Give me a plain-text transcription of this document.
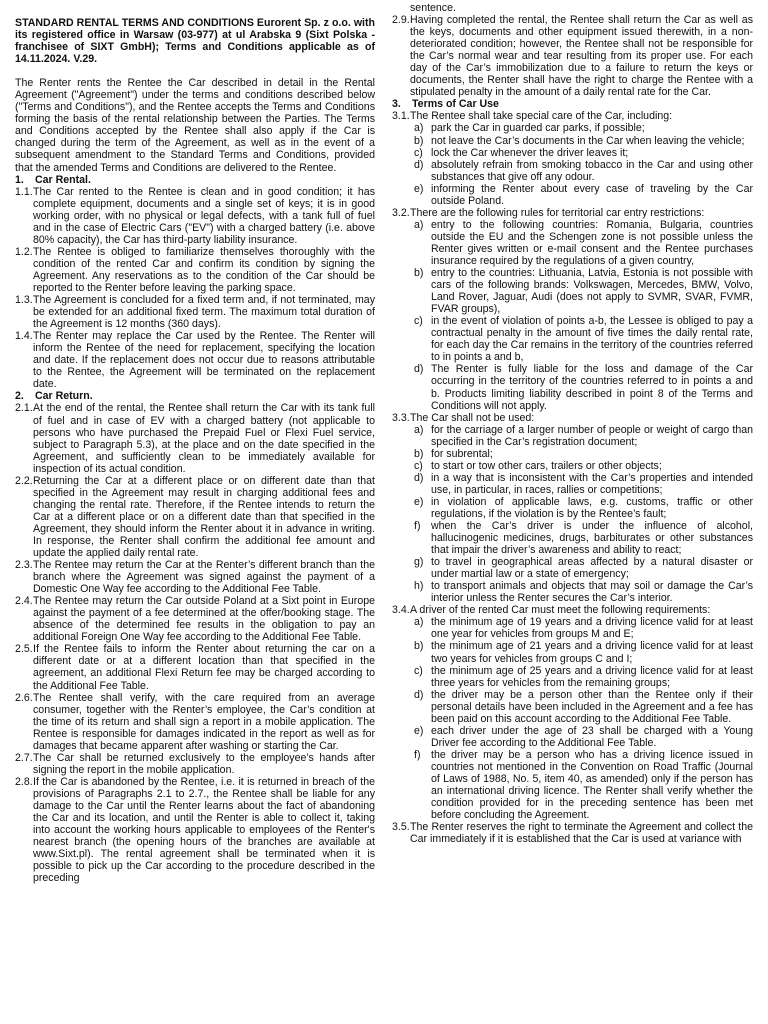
STANDARD RENTAL TERMS AND CONDITIONS Eurorent Sp. z o.o. with its registered office in Warsaw (03-977) at ul Arabska 9 (Sixt Polska - franchisee of SIXT GmbH); Terms and Conditions applicable as of 14.11.2024. V.29.

The Renter rents the Rentee the Car described in detail in the Rental Agreement ("Agreement") under the terms and conditions described below ("Terms and Conditions"), and the Rentee accepts the Terms and Conditions forming the basis of the rental relationship between the Parties. The Terms and Conditions accepted by the Rentee shall also apply if the Car is changed during the term of the Agreement, as well as in the event of a subsequent amendment to the Standard Terms and Conditions, provided that the amended Terms and Conditions are delivered to the Rentee.

1.	Car Rental.
1.1. The Car rented to the Rentee is clean and in good condition; it has complete equipment, documents and a single set of keys; it is in good working order, with no physical or legal defects, with a tank full of fuel and in the case of Electric Cars ("EV") with a charged battery (i.e. above 80% capacity), the Car has third-party liability insurance.
1.2. The Rentee is obliged to familiarize themselves thoroughly with the condition of the rented Car and confirm its condition by signing the Agreement. Any reservations as to the condition of the Car should be reported to the Renter before leaving the parking space.
1.3. The Agreement is concluded for a fixed term and, if not terminated, may be extended for an additional fixed term. The maximum total duration of the Agreement is 12 months (360 days).
1.4. The Renter may replace the Car used by the Rentee. The Renter will inform the Rentee of the need for replacement, specifying the location and date. If the replacement does not occur due to reasons attributable to the Rentee, the Agreement will be terminated on the replacement date.
2.	Car Return.
2.1. At the end of the rental, the Rentee shall return the Car with its tank full of fuel and in case of EV with a charged battery (not applicable to persons who have purchased the Prepaid Fuel or Flexi Fuel service, subject to Paragraph 5.3), at the place and on the date specified in the Agreement, and sufficiently clean to be immediately available for inspection of its actual condition.
2.2. Returning the Car at a different place or on different date than that specified in the Agreement may result in charging additional fees and changing the rental rate. Therefore, if the Rentee intends to return the Car at a different place or on a different date than that specified in the Agreement, they should inform the Renter about it in advance in writing. In response, the Renter shall confirm the additional fee amount and update the applied daily rental rate.
2.3. The Rentee may return the Car at the Renter’s different branch than the branch where the Agreement was signed against the payment of a Domestic One Way fee according to the Additional Fee Table.
2.4. The Rentee may return the Car outside Poland at a Sixt point in Europe against the payment of a fee determined at the offer/booking stage. The absence of the determined fee results in the obligation to pay an additional Foreign One Way fee according to the Additional Fee Table.
2.5. If the Rentee fails to inform the Renter about returning the car on a different date or at a different location than that specified in the agreement, an additional Flexi Return fee may be charged according to the Additional Fee Table.
2.6. The Rentee shall verify, with the care required from an average consumer, together with the Renter’s employee, the Car’s condition at the time of its return and shall sign a report in a mobile application. The Rentee is responsible for damages indicated in the report as well as for damages that became apparent after washing or starting the Car.
2.7. The Car shall be returned exclusively to the employee’s hands after signing the report in the mobile application.
2.8. If the Car is abandoned by the Rentee, i.e. it is returned in breach of the provisions of Paragraphs 2.1 to 2.7., the Rentee shall be liable for any damage to the Car until the Renter learns about the fact of abandoning the Car and its location, and until the Renter is able to collect it, taking into account the working hours applicable to employees of the Renter's nearest branch (the opening hours of the branches are available at www.Sixt.pl). The rental agreement shall be terminated when it is possible to pick up the Car according to the procedure described in the preceding

sentence.

2.9. Having completed the rental, the Rentee shall return the Car as well as the keys, documents and other equipment issued therewith, in a non-deteriorated condition; however, the Rentee shall not be responsible for the Car’s normal wear and tear resulting from its proper use. For each day of the Car’s immobilization due to a failure to return the keys or documents, the Renter shall have the right to charge the Rentee with a stipulated penalty in the amount of a daily rental rate for the Car.
3.	Terms of Car Use
3.1. The Rentee shall take special care of the Car, including:
a) park the Car in guarded car parks, if possible;
b) not leave the Car’s documents in the Car when leaving the vehicle;
c) lock the Car whenever the driver leaves it;
d) absolutely refrain from smoking tobacco in the Car and using other substances that give off any odour.
e) informing the Renter about every case of traveling by the Car outside Poland.
3.2. There are the following rules for territorial car entry restrictions:
a) entry to the following countries: Romania, Bulgaria, countries outside the EU and the Schengen zone is not possible unless the Renter gives written or e-mail consent and the Rentee purchases insurance required by the regulations of a given country,
b) entry to the countries: Lithuania, Latvia, Estonia is not possible with cars of the following brands: Volkswagen, Mercedes, BMW, Volvo, Land Rover, Jaguar, Audi (does not apply to SVMR, SVAR, FVMR, FVAR groups),
c) in the event of violation of points a-b, the Lessee is obliged to pay a contractual penalty in the amount of five times the daily rental rate, for each day the Car remains in the territory of the countries referred to in points a and b,
d) The Renter is fully liable for the loss and damage of the Car occurring in the territory of the countries referred to in points a and b. Products limiting liability described in point 8 of the Terms and Conditions will not apply.
3.3. The Car shall not be used:
a) for the carriage of a larger number of people or weight of cargo than specified in the Car’s registration document;
b) for subrental;
c) to start or tow other cars, trailers or other objects;
d) in a way that is inconsistent with the Car’s properties and intended use, in particular, in races, rallies or competitions;
e) in violation of applicable laws, e.g. customs, traffic or other regulations, if the violation is by the Rentee’s fault;
f) when the Car’s driver is under the influence of alcohol, hallucinogenic medicines, drugs, barbiturates or other substances that impair the driver’s awareness and ability to react;
g) to travel in geographical areas affected by a natural disaster or under martial law or a state of emergency;
h) to transport animals and objects that may soil or damage the Car’s interior unless the Renter secures the Car’s interior.
3.4. A driver of the rented Car must meet the following requirements:
a) the minimum age of 19 years and a driving licence valid for at least one year for vehicles from groups M and E;
b) the minimum age of 21 years and a driving licence valid for at least two years for vehicles from groups C and I;
c) the minimum age of 25 years and a driving licence valid for at least three years for vehicles from the remaining groups;
d) the driver may be a person other than the Rentee only if their personal details have been included in the Agreement and a fee has been paid on this account according to the Additional Fee Table.
e) each driver under the age of 23 shall be charged with a Young Driver fee according to the Additional Fee Table.
f) the driver may be a person who has a driving licence issued in countries not mentioned in the Convention on Road Traffic (Journal of Laws of 1988, No. 5, item 40, as amended) only if the person has an international driving licence. The Renter shall verify whether the condition provided for in the preceding sentence has been met before concluding the Agreement.
3.5. The Renter reserves the right to terminate the Agreement and collect the Car immediately if it is established that the Car is used at variance with
